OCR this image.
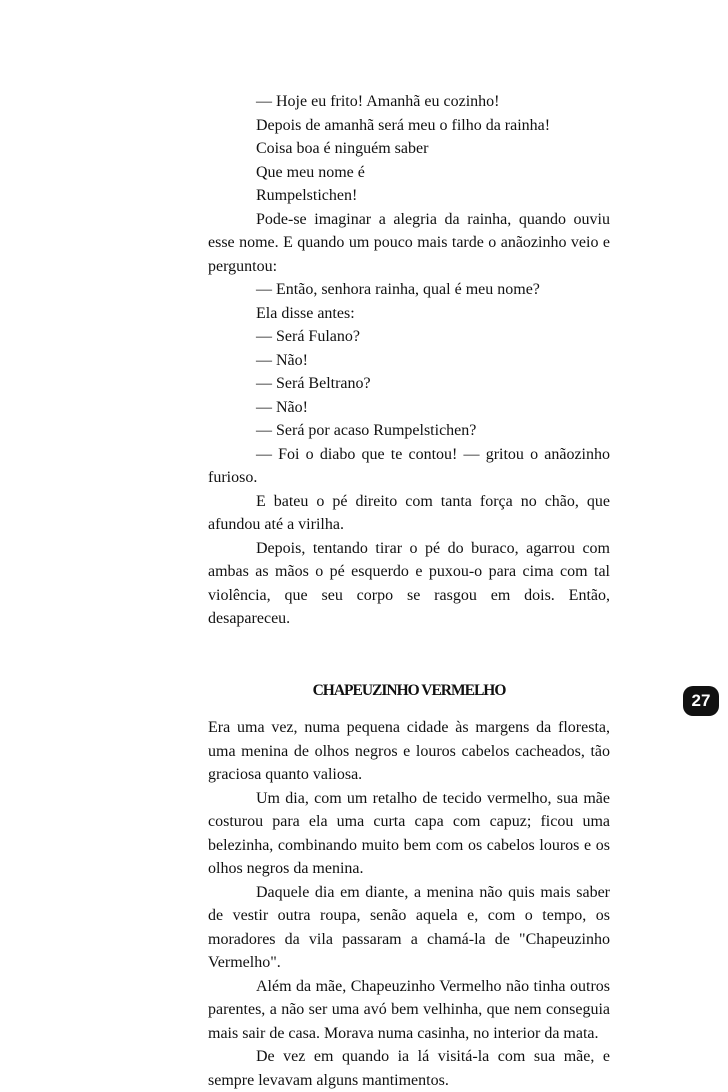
— Hoje eu frito! Amanhã eu cozinho!

Depois de amanhã será meu o filho da rainha!

Coisa boa é ninguém saber

Que meu nome é

Rumpelstichen!

Pode-se imaginar a alegria da rainha, quando ouviu esse nome. E quando um pouco mais tarde o anãozinho veio e perguntou:

— Então, senhora rainha, qual é meu nome?

Ela disse antes:

— Será Fulano?

— Não!

— Será Beltrano?

— Não!

— Será por acaso Rumpelstichen?

— Foi o diabo que te contou! — gritou o anãozinho furioso.

E bateu o pé direito com tanta força no chão, que afundou até a virilha.

Depois, tentando tirar o pé do buraco, agarrou com ambas as mãos o pé esquerdo e puxou-o para cima com tal violência, que seu corpo se rasgou em dois. Então, desapareceu.

CHAPEUZINHO VERMELHO

Era uma vez, numa pequena cidade às margens da floresta, uma menina de olhos negros e louros cabelos cacheados, tão graciosa quanto valiosa.

Um dia, com um retalho de tecido vermelho, sua mãe costurou para ela uma curta capa com capuz; ficou uma belezinha, combinando muito bem com os cabelos louros e os olhos negros da menina.

Daquele dia em diante, a menina não quis mais saber de vestir outra roupa, senão aquela e, com o tempo, os moradores da vila passaram a chamá-la de "Chapeuzinho Vermelho".

Além da mãe, Chapeuzinho Vermelho não tinha outros parentes, a não ser uma avó bem velhinha, que nem conseguia mais sair de casa. Morava numa casinha, no interior da mata.

De vez em quando ia lá visitá-la com sua mãe, e sempre levavam alguns mantimentos.

27
